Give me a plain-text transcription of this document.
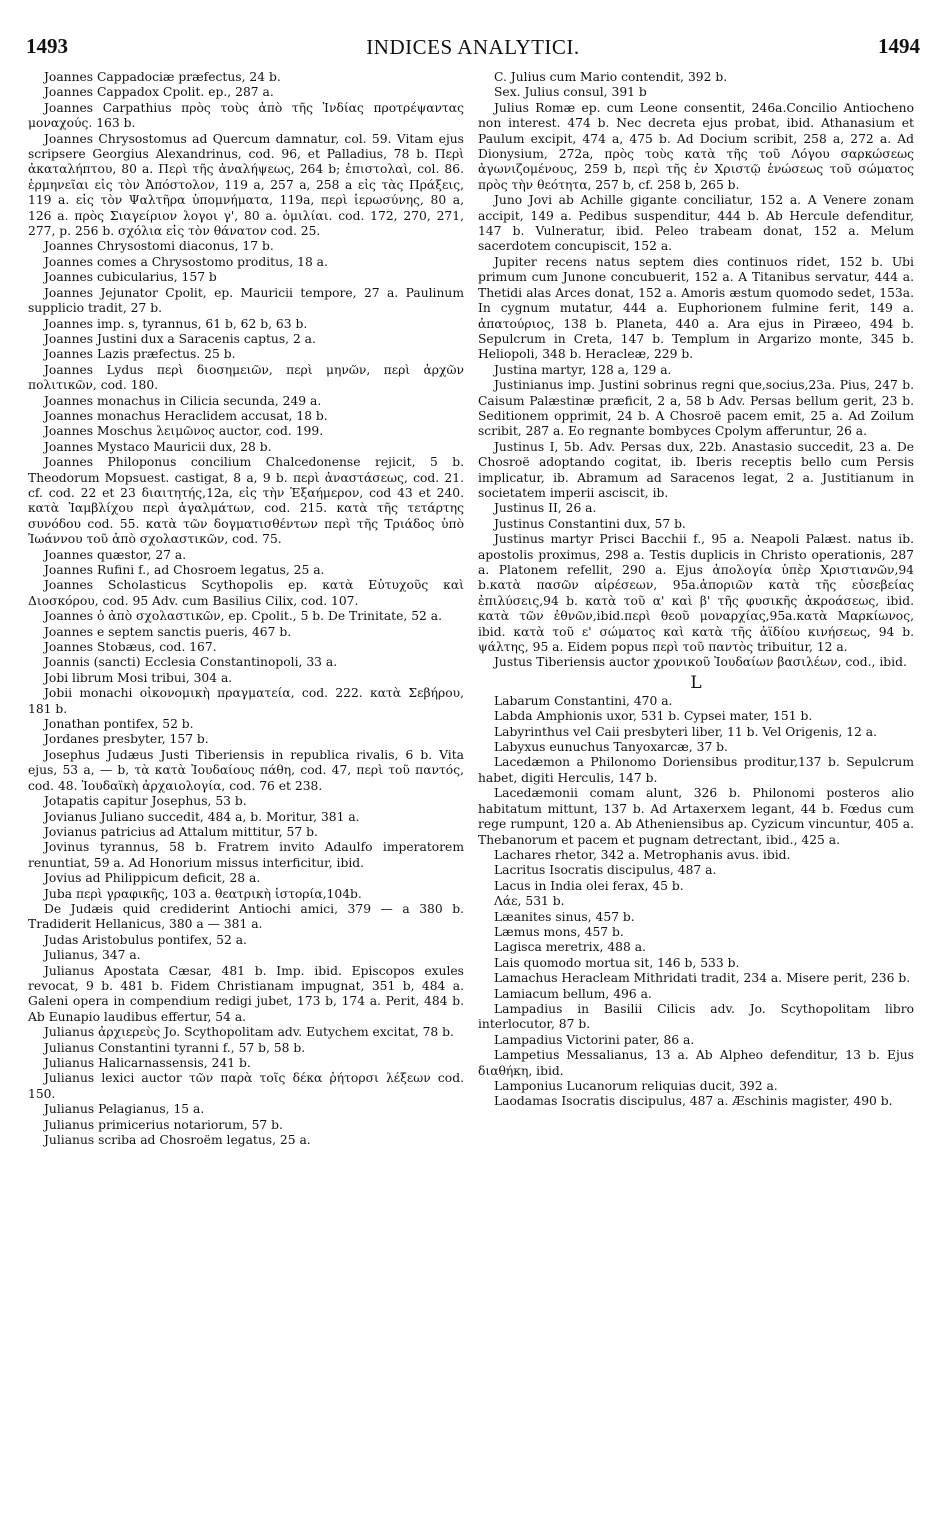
1493	INDICES ANALYTICI.	1494

Joannes Cappadociæ præfectus, 24 b.

Joannes Cappadox Cpolit. ep., 287 a.

Joannes Carpathius πρὸς τοὺς ἀπὸ τῆς Ἰνδίας προτρέψαντας μοναχούς. 163 b.

Joannes Chrysostomus ad Quercum damnatur, col. 59. Vitam ejus scripsere Georgius Alexandrinus, cod. 96, et Palladius, 78 b. Περὶ ἀκαταλήπτου, 80 a. Περὶ τῆς ἀναλήψεως, 264 b; ἐπιστολαὶ, col. 86. ἑρμηνεῖαι εἰς τὸν Ἀπόστολον, 119 a, 257 a, 258 a εἰς τὰς Πράξεις, 119 a. εἰς τὸν Ψαλτῆρα ὑπομνήματα, 119a, περὶ ἱερωσύνης, 80 a, 126 a. πρὸς Σιαγείριον λογοι γ', 80 a. ὁμιλίαι. cod. 172, 270, 271, 277, p. 256 b. σχόλια εἰς τὸν θάνατον cod. 25.

Joannes Chrysostomi diaconus, 17 b.

Joannes comes a Chrysostomo proditus, 18 a.

Joannes cubicularius, 157 b

Joannes Jejunator Cpolit, ep. Mauricii tempore, 27 a. Paulinum supplicio tradit, 27 b.

Joannes imp. s, tyrannus, 61 b, 62 b, 63 b.

Joannes Justini dux a Saracenis captus, 2 a.

Joannes Lazis præfectus. 25 b.

Joannes Lydus περὶ διοσημειῶν, περὶ μηνῶν, περὶ ἀρχῶν πολιτικῶν, cod. 180.

Joannes monachus in Cilicia secunda, 249 a.

Joannes monachus Heraclidem accusat, 18 b.

Joannes Moschus λειμῶνος auctor, cod. 199.

Joannes Mystaco Mauricii dux, 28 b.

Joannes Philoponus concilium Chalcedonense rejicit, 5 b. Theodorum Mopsuest. castigat, 8 a, 9 b. περὶ ἀναστάσεως, cod. 21. cf. cod. 22 et 23 διαιτητής,12a, εἰς τὴν Ἑξαήμερον, cod 43 et 240. κατὰ Ἰαμβλίχου περὶ ἀγαλμάτων, cod. 215. κατὰ τῆς τετάρτης συνόδου cod. 55. κατὰ τῶν δογματισθέντων περὶ τῆς Τριάδος ὑπὸ Ἰωάννου τοῦ ἀπὸ σχολαστικῶν, cod. 75.

Joannes quæstor, 27 a.

Joannes Rufini f., ad Chosroem legatus, 25 a.

Joannes Scholasticus Scythopolis ep. κατὰ Εὐτυχοῦς καὶ Διοσκόρου, cod. 95 Adv. cum Basilius Cilix, cod. 107.

Joannes ὁ ἀπὸ σχολαστικῶν, ep. Cpolit., 5 b. De Trinitate, 52 a.

Joannes e septem sanctis pueris, 467 b.

Joannes Stobæus, cod. 167.

Joannis (sancti) Ecclesia Constantinopoli, 33 a.

Jobi librum Mosi tribui, 304 a.

Jobii monachi οἰκονομικὴ πραγματεία, cod. 222. κατὰ Σεβήρου, 181 b.

Jonathan pontifex, 52 b.

Jordanes presbyter, 157 b.

Josephus Judæus Justi Tiberiensis in republica rivalis, 6 b. Vita ejus, 53 a, — b, τὰ κατὰ Ἰουδαίους πάθη, cod. 47, περὶ τοῦ παντός, cod. 48. Ἰουδαϊκὴ ἀρχαιολογία, cod. 76 et 238.

Jotapatis capitur Josephus, 53 b.

Jovianus Juliano succedit, 484 a, b. Moritur, 381 a.

Jovianus patricius ad Attalum mittitur, 57 b.

Jovinus tyrannus, 58 b. Fratrem invito Adaulfo imperatorem renuntiat, 59 a. Ad Honorium missus interficitur, ibid.

Jovius ad Philippicum deficit, 28 a.

Juba περὶ γραφικῆς, 103 a. θεατρικὴ ἱστορία,104b.

De Judæis quid crediderint Antiochi amici, 379 — a 380 b. Tradiderit Hellanicus, 380 a — 381 a.

Judas Aristobulus pontifex, 52 a.

Julianus, 347 a.

Julianus Apostata Cæsar, 481 b. Imp. ibid. Episcopos exules revocat, 9 b. 481 b. Fidem Christianam impugnat, 351 b, 484 a. Galeni opera in compendium redigi jubet, 173 b, 174 a. Perit, 484 b. Ab Eunapio laudibus effertur, 54 a.

Julianus ἀρχιερεὺς Jo. Scythopolitam adv. Eutychem excitat, 78 b.

Julianus Constantini tyranni f., 57 b, 58 b.

Julianus Halicarnassensis, 241 b.

Julianus lexici auctor τῶν παρὰ τοῖς δέκα ῥήτορσι λέξεων cod. 150.

Julianus Pelagianus, 15 a.

Julianus primicerius notariorum, 57 b.

Julianus scriba ad Chosroëm legatus, 25 a.

C. Julius cum Mario contendit, 392 b.

Sex. Julius consul, 391 b

Julius Romæ ep. cum Leone consentit, 246a.Concilio Antiocheno non interest. 474 b. Nec decreta ejus probat, ibid. Athanasium et Paulum excipit, 474 a, 475 b. Ad Docium scribit, 258 a, 272 a. Ad Dionysium, 272a, πρὸς τοὺς κατὰ τῆς τοῦ Λόγου σαρκώσεως ἀγωνιζομένους, 259 b, περὶ τῆς ἐν Χριστῷ ἑνώσεως τοῦ σώματος πρὸς τὴν θεότητα, 257 b, cf. 258 b, 265 b.

Juno Jovi ab Achille gigante conciliatur, 152 a. A Venere zonam accipit, 149 a. Pedibus suspenditur, 444 b. Ab Hercule defenditur, 147 b. Vulneratur, ibid. Peleo trabeam donat, 152 a. Melum sacerdotem concupiscit, 152 a.

Jupiter recens natus septem dies continuos ridet, 152 b. Ubi primum cum Junone concubuerit, 152 a. A Titanibus servatur, 444 a. Thetidi alas Arces donat, 152 a. Amoris æstum quomodo sedet, 153a. In cygnum mutatur, 444 a. Euphorionem fulmine ferit, 149 a. ἀπατούριος, 138 b. Planeta, 440 a. Ara ejus in Piræeo, 494 b. Sepulcrum in Creta, 147 b. Templum in Argarizo monte, 345 b. Heliopoli, 348 b. Heracleæ, 229 b.

Justina martyr, 128 a, 129 a.

Justinianus imp. Justini sobrinus regni que,socius,23a. Pius, 247 b. Caisum Palæstinæ præficit, 2 a, 58 b Adv. Persas bellum gerit, 23 b. Seditionem opprimit, 24 b. A Chosroë pacem emit, 25 a. Ad Zoilum scribit, 287 a. Eo regnante bombyces Cpolym afferuntur, 26 a.

Justinus I, 5b. Adv. Persas dux, 22b. Anastasio succedit, 23 a. De Chosroë adoptando cogitat, ib. Iberis receptis bello cum Persis implicatur, ib. Abramum ad Saracenos legat, 2 a. Justitianum in societatem imperii asciscit, ib.

Justinus II, 26 a.

Justinus Constantini dux, 57 b.

Justinus martyr Prisci Bacchii f., 95 a. Neapoli Palæst. natus ib. apostolis proximus, 298 a. Testis duplicis in Christo operationis, 287 a. Platonem refellit, 290 a. Ejus ἀπολογία ὑπὲρ Χριστιανῶν,94 b.κατὰ πασῶν αἱρέσεων, 95a.ἀποριῶν κατὰ τῆς εὐσεβείας ἐπιλύσεις,94 b. κατὰ τοῦ α' καὶ β' τῆς φυσικῆς ἀκροάσεως, ibid. κατὰ τῶν ἐθνῶν,ibid.περὶ θεοῦ μοναρχίας,95a.κατὰ Μαρκίωνος, ibid. κατὰ τοῦ ε' σώματος καὶ κατὰ τῆς ἀϊδίου κινήσεως, 94 b. ψάλτης, 95 a. Eidem popus περὶ τοῦ παντὸς tribuitur, 12 a.

Justus Tiberiensis auctor χρονικοῦ Ἰουδαίων βασιλέων, cod., ibid.

L

Labarum Constantini, 470 a.

Labda Amphionis uxor, 531 b. Cypsei mater, 151 b.

Labyrinthus vel Caii presbyteri liber, 11 b. Vel Origenis, 12 a.

Labyxus eunuchus Tanyoxarcæ, 37 b.

Lacedæmon a Philonomo Doriensibus proditur,137 b. Sepulcrum habet, digiti Herculis, 147 b.

Lacedæmonii comam alunt, 326 b. Philonomi posteros alio habitatum mittunt, 137 b. Ad Artaxerxem legant, 44 b. Fœdus cum rege rumpunt, 120 a. Ab Atheniensibus ap. Cyzicum vincuntur, 405 a. Thebanorum et pacem et pugnam detrectant, ibid., 425 a.

Lachares rhetor, 342 a. Metrophanis avus. ibid.

Lacritus Isocratis discipulus, 487 a.

Lacus in India olei ferax, 45 b.

Λάε, 531 b.

Læanites sinus, 457 b.

Læmus mons, 457 b.

Lagisca meretrix, 488 a.

Lais quomodo mortua sit, 146 b, 533 b.

Lamachus Heracleam Mithridati tradit, 234 a. Misere perit, 236 b.

Lamiacum bellum, 496 a.

Lampadius in Basilii Cilicis adv. Jo. Scythopolitam libro interlocutor, 87 b.

Lampadius Victorini pater, 86 a.

Lampetius Messalianus, 13 a. Ab Alpheo defenditur, 13 b. Ejus διαθήκη, ibid.

Lamponius Lucanorum reliquias ducit, 392 a.

Laodamas Isocratis discipulus, 487 a. Æschinis magister, 490 b.
